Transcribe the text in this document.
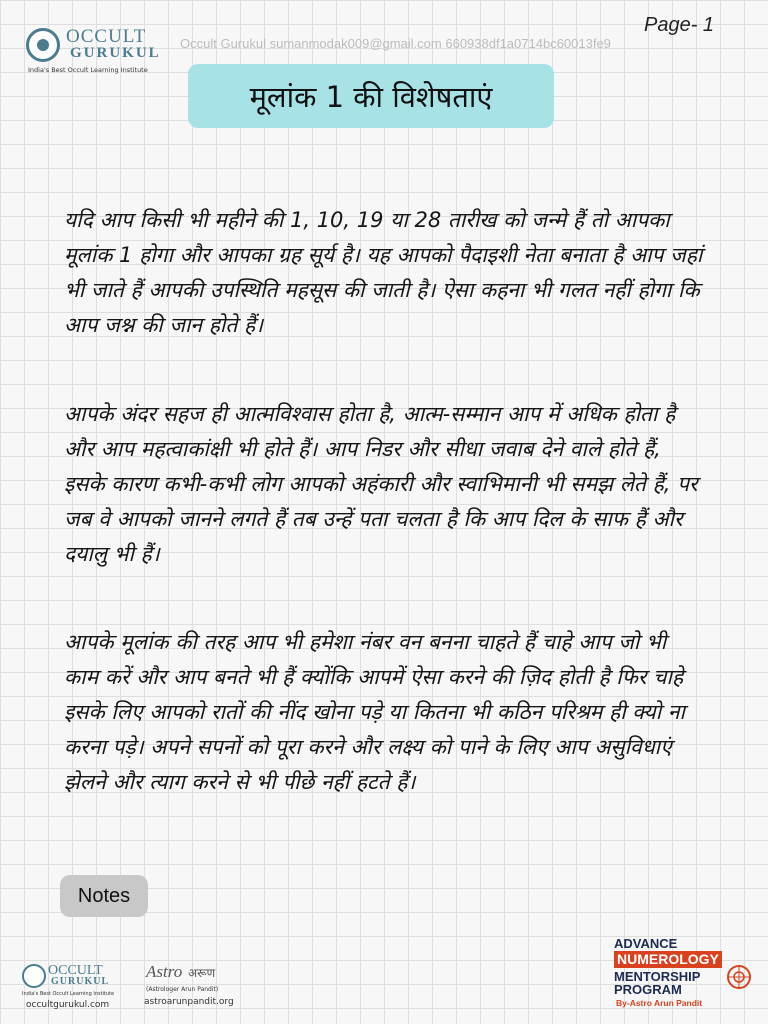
OCCULT
GURUKUL
India's Best Occult Learning Institute
Occult Gurukul sumanmodak009@gmail.com 660938df1a0714bc60013fe9
Page- 1
मूलांक 1 की विशेषताएं

यदि आप किसी भी महीने की 1, 10, 19 या 28 तारीख को जन्मे हैं तो आपका मूलांक 1 होगा और आपका ग्रह सूर्य है। यह आपको पैदाइशी नेता बनाता है आप जहां भी जाते हैं आपकी उपस्थिति महसूस की जाती है। ऐसा कहना भी गलत नहीं होगा कि आप जश्न की जान होते हैं।

आपके अंदर सहज ही आत्मविश्वास होता है, आत्म-सम्मान आप में अधिक होता है और आप महत्वाकांक्षी भी होते हैं। आप निडर और सीधा जवाब देने वाले होते हैं, इसके कारण कभी-कभी लोग आपको अहंकारी और स्वाभिमानी भी समझ लेते हैं, पर जब वे आपको जानने लगते हैं तब उन्हें पता चलता है कि आप दिल के साफ हैं और दयालु भी हैं।

आपके मूलांक की तरह आप भी हमेशा नंबर वन बनना चाहते हैं चाहे आप जो भी काम करें और आप बनते भी हैं क्योंकि आपमें ऐसा करने की ज़िद होती है फिर चाहे इसके लिए आपको रातों की नींद खोना पड़े या कितना भी कठिन परिश्रम ही क्यो ना करना पड़े। अपने सपनों को पूरा करने और लक्ष्य को पाने के लिए आप असुविधाएं झेलने और त्याग करने से भी पीछे नहीं हटते हैं।

Notes
OCCULT
GURUKUL
India's Best Occult Learning Institute
occultgurukul.com
Astro अरूण
(Astrologer Arun Pandit)
astroarunpandit.org
ADVANCE
NUMEROLOGY
MENTORSHIP
PROGRAM
By-Astro Arun Pandit
